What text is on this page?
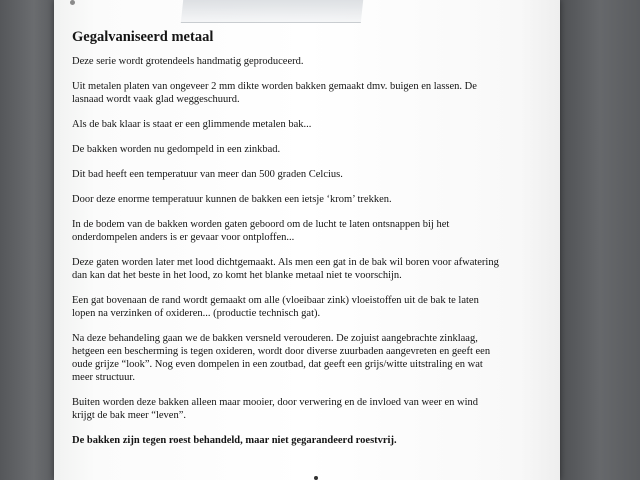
Gegalvaniseerd metaal
Deze serie wordt grotendeels handmatig geproduceerd.
Uit metalen platen van ongeveer 2 mm dikte worden bakken gemaakt dmv. buigen en lassen. De lasnaad wordt vaak glad weggeschuurd.
Als de bak klaar is staat er een glimmende metalen bak...
De bakken worden nu gedompeld in een zinkbad.
Dit bad heeft een temperatuur van meer dan 500 graden Celcius.
Door deze enorme temperatuur kunnen de bakken een ietsje ‘krom’ trekken.
In de bodem van de bakken worden gaten geboord om de lucht te laten ontsnappen bij het onderdompelen anders is er gevaar voor ontploffen...
Deze gaten worden later met lood dichtgemaakt. Als men een gat in de bak wil boren voor afwatering dan kan dat het beste in het lood, zo komt het blanke metaal niet te voorschijn.
Een gat bovenaan de rand wordt gemaakt om alle (vloeibaar zink) vloeistoffen uit de bak te laten lopen na verzinken of oxideren... (productie technisch gat).
Na deze behandeling gaan we de bakken versneld verouderen. De zojuist aangebrachte zinklaag, hetgeen een bescherming is tegen oxideren, wordt door diverse zuurbaden aangevreten en geeft een oude grijze “look”. Nog even dompelen in een zoutbad, dat geeft een grijs/witte uitstraling en wat meer structuur.
Buiten worden deze bakken alleen maar mooier, door verwering en de invloed van weer en wind krijgt de bak meer “leven”.
De bakken zijn tegen roest behandeld, maar niet gegarandeerd roestvrij.
